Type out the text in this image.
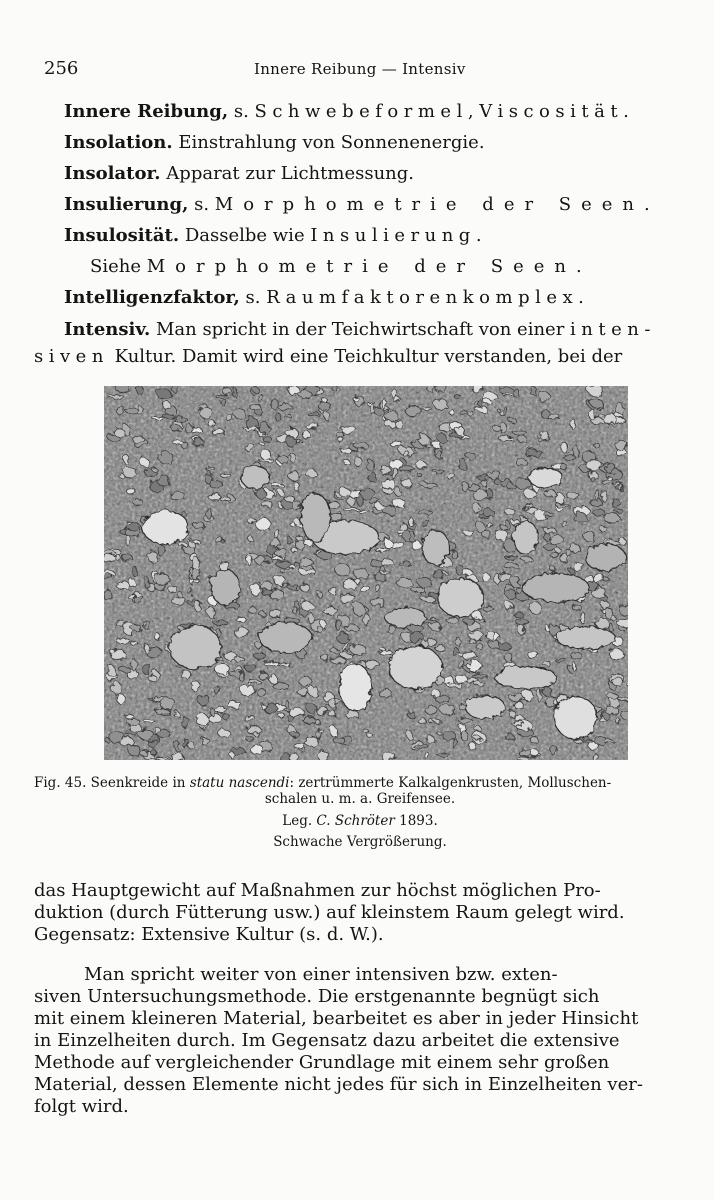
256	Innere Reibung — Intensiv
Innere Reibung, s. Schwebeformel, Viscosität.
Insolation. Einstrahlung von Sonnenenergie.
Insolator. Apparat zur Lichtmessung.
Insulierung, s. Morphometrie der Seen.
Insulosität. Dasselbe wie Insulierung.
Siehe Morphometrie der Seen.
Intelligenzfaktor, s. Raumfaktorenkomplex.
Intensiv. Man spricht in der Teichwirtschaft von einer inten-
siven Kultur. Damit wird eine Teichkultur verstanden, bei der
Fig. 45. Seenkreide in statu nascendi: zertrümmerte Kalkalgenkrusten, Molluschen-
schalen u. m. a. Greifensee.
Leg. C. Schröter 1893.
Schwache Vergrößerung.

das Hauptgewicht auf Maßnahmen zur höchst möglichen Pro-
duktion (durch Fütterung usw.) auf kleinstem Raum gelegt wird.
Gegensatz: Extensive Kultur (s. d. W.).

Man spricht weiter von einer intensiven bzw. exten-
siven Untersuchungsmethode. Die erstgenannte begnügt sich
mit einem kleineren Material, bearbeitet es aber in jeder Hinsicht
in Einzelheiten durch. Im Gegensatz dazu arbeitet die extensive
Methode auf vergleichender Grundlage mit einem sehr großen
Material, dessen Elemente nicht jedes für sich in Einzelheiten ver-
folgt wird.
